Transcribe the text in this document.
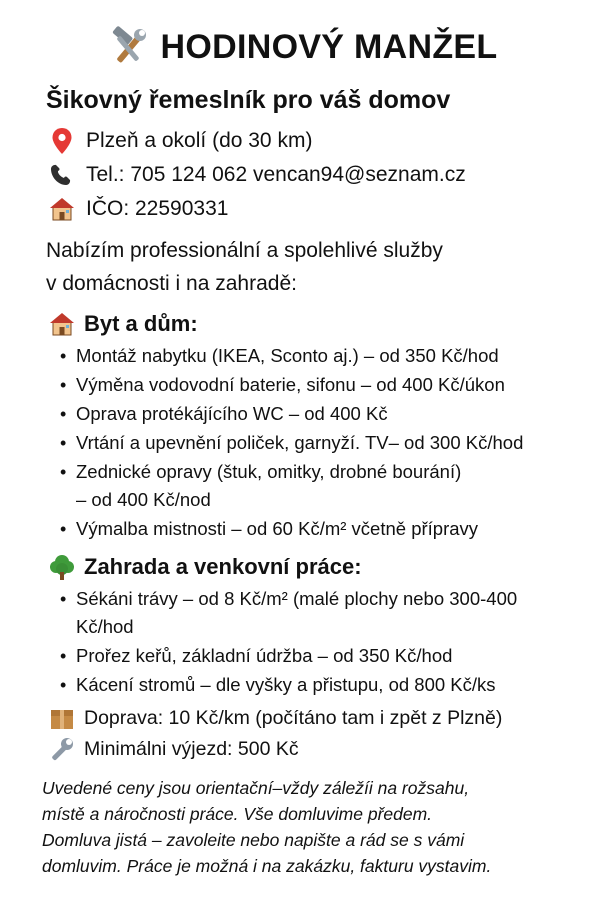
HODINOVÝ MANŽEL
Šikovný řemeslník pro váš domov
Plzeň a okolí (do 30 km)
Tel.: 705 124 062 vencan94@seznam.cz
IČO: 22590331
Nabízím professionální a spolehlivé služby
v domácnosti i na zahradě:
Byt a dům:
• Montáž nabytku (IKEA, Sconto aj.) – od 350 Kč/hod
• Výměna vodovodní baterie, sifonu – od 400 Kč/úkon
• Oprava protékájícího WC – od 400 Kč
• Vrtání a upevnění poliček, garnyží. TV– od 300 Kč/hod
• Zednické opravy (štuk, omitky, drobné bourání)
– od 400 Kč/nod
• Výmalba mistnosti – od 60 Kč/m² včetně přípravy
Zahrada a venkovní práce:
• Sékáni trávy – od 8 Kč/m² (malé plochy nebo 300-400
Kč/hod
• Prořez keřů, základní údržba – od 350 Kč/hod
• Kácení stromů – dle vyšky a přistupu, od 800 Kč/ks
Doprava: 10 Kč/km (počítáno tam i zpět z Plzně)
Minimálni výjezd: 500 Kč
Uvedené ceny jsou orientační–vždy záležíi na rožsahu,
místě a náročnosti práce. Vše domluvime předem.
Domluva jistá – zavoleite nebo napište a rád se s vámi
domluvim. Práce je možná i na zakázku, fakturu vystavim.
